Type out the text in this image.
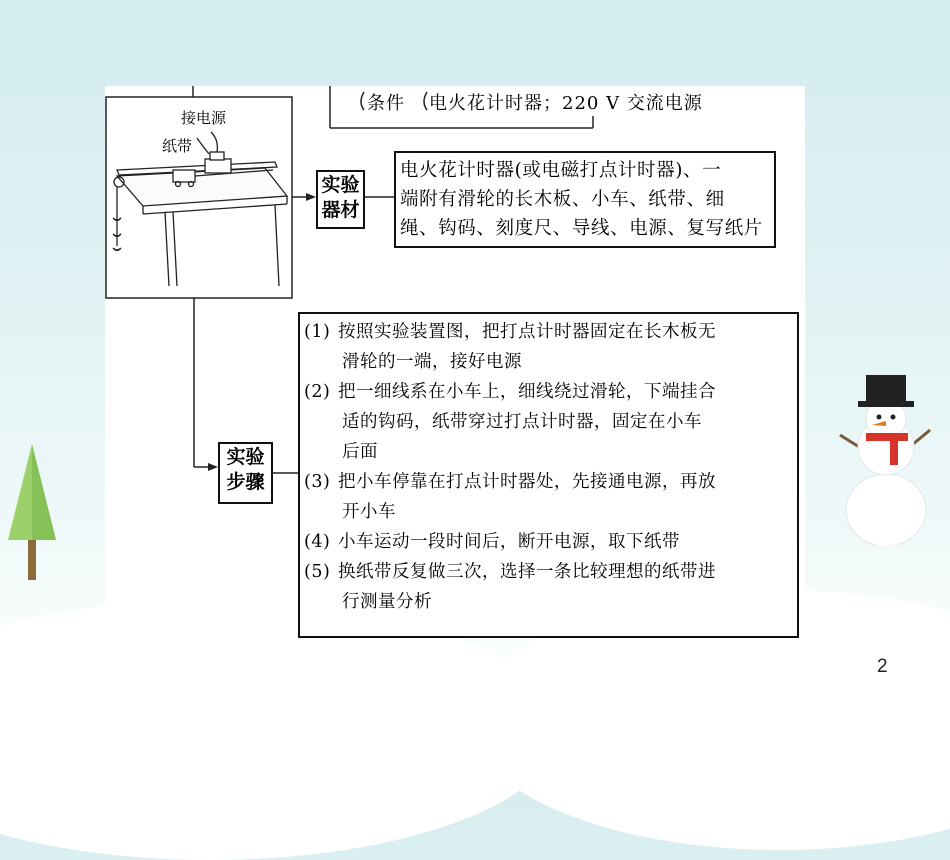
条件 电火花计时器；220 V 交流电源
接电源
纸带
实验
器材
电火花计时器(或电磁打点计时器)、一
端附有滑轮的长木板、小车、纸带、细
绳、钩码、刻度尺、导线、电源、复写纸片
实验
步骤
(1) 按照实验装置图，把打点计时器固定在长木板无
滑轮的一端，接好电源
(2) 把一细线系在小车上，细线绕过滑轮，下端挂合
适的钩码，纸带穿过打点计时器，固定在小车
后面
(3) 把小车停靠在打点计时器处，先接通电源，再放
开小车
(4) 小车运动一段时间后，断开电源，取下纸带
(5) 换纸带反复做三次，选择一条比较理想的纸带进
行测量分析
2
